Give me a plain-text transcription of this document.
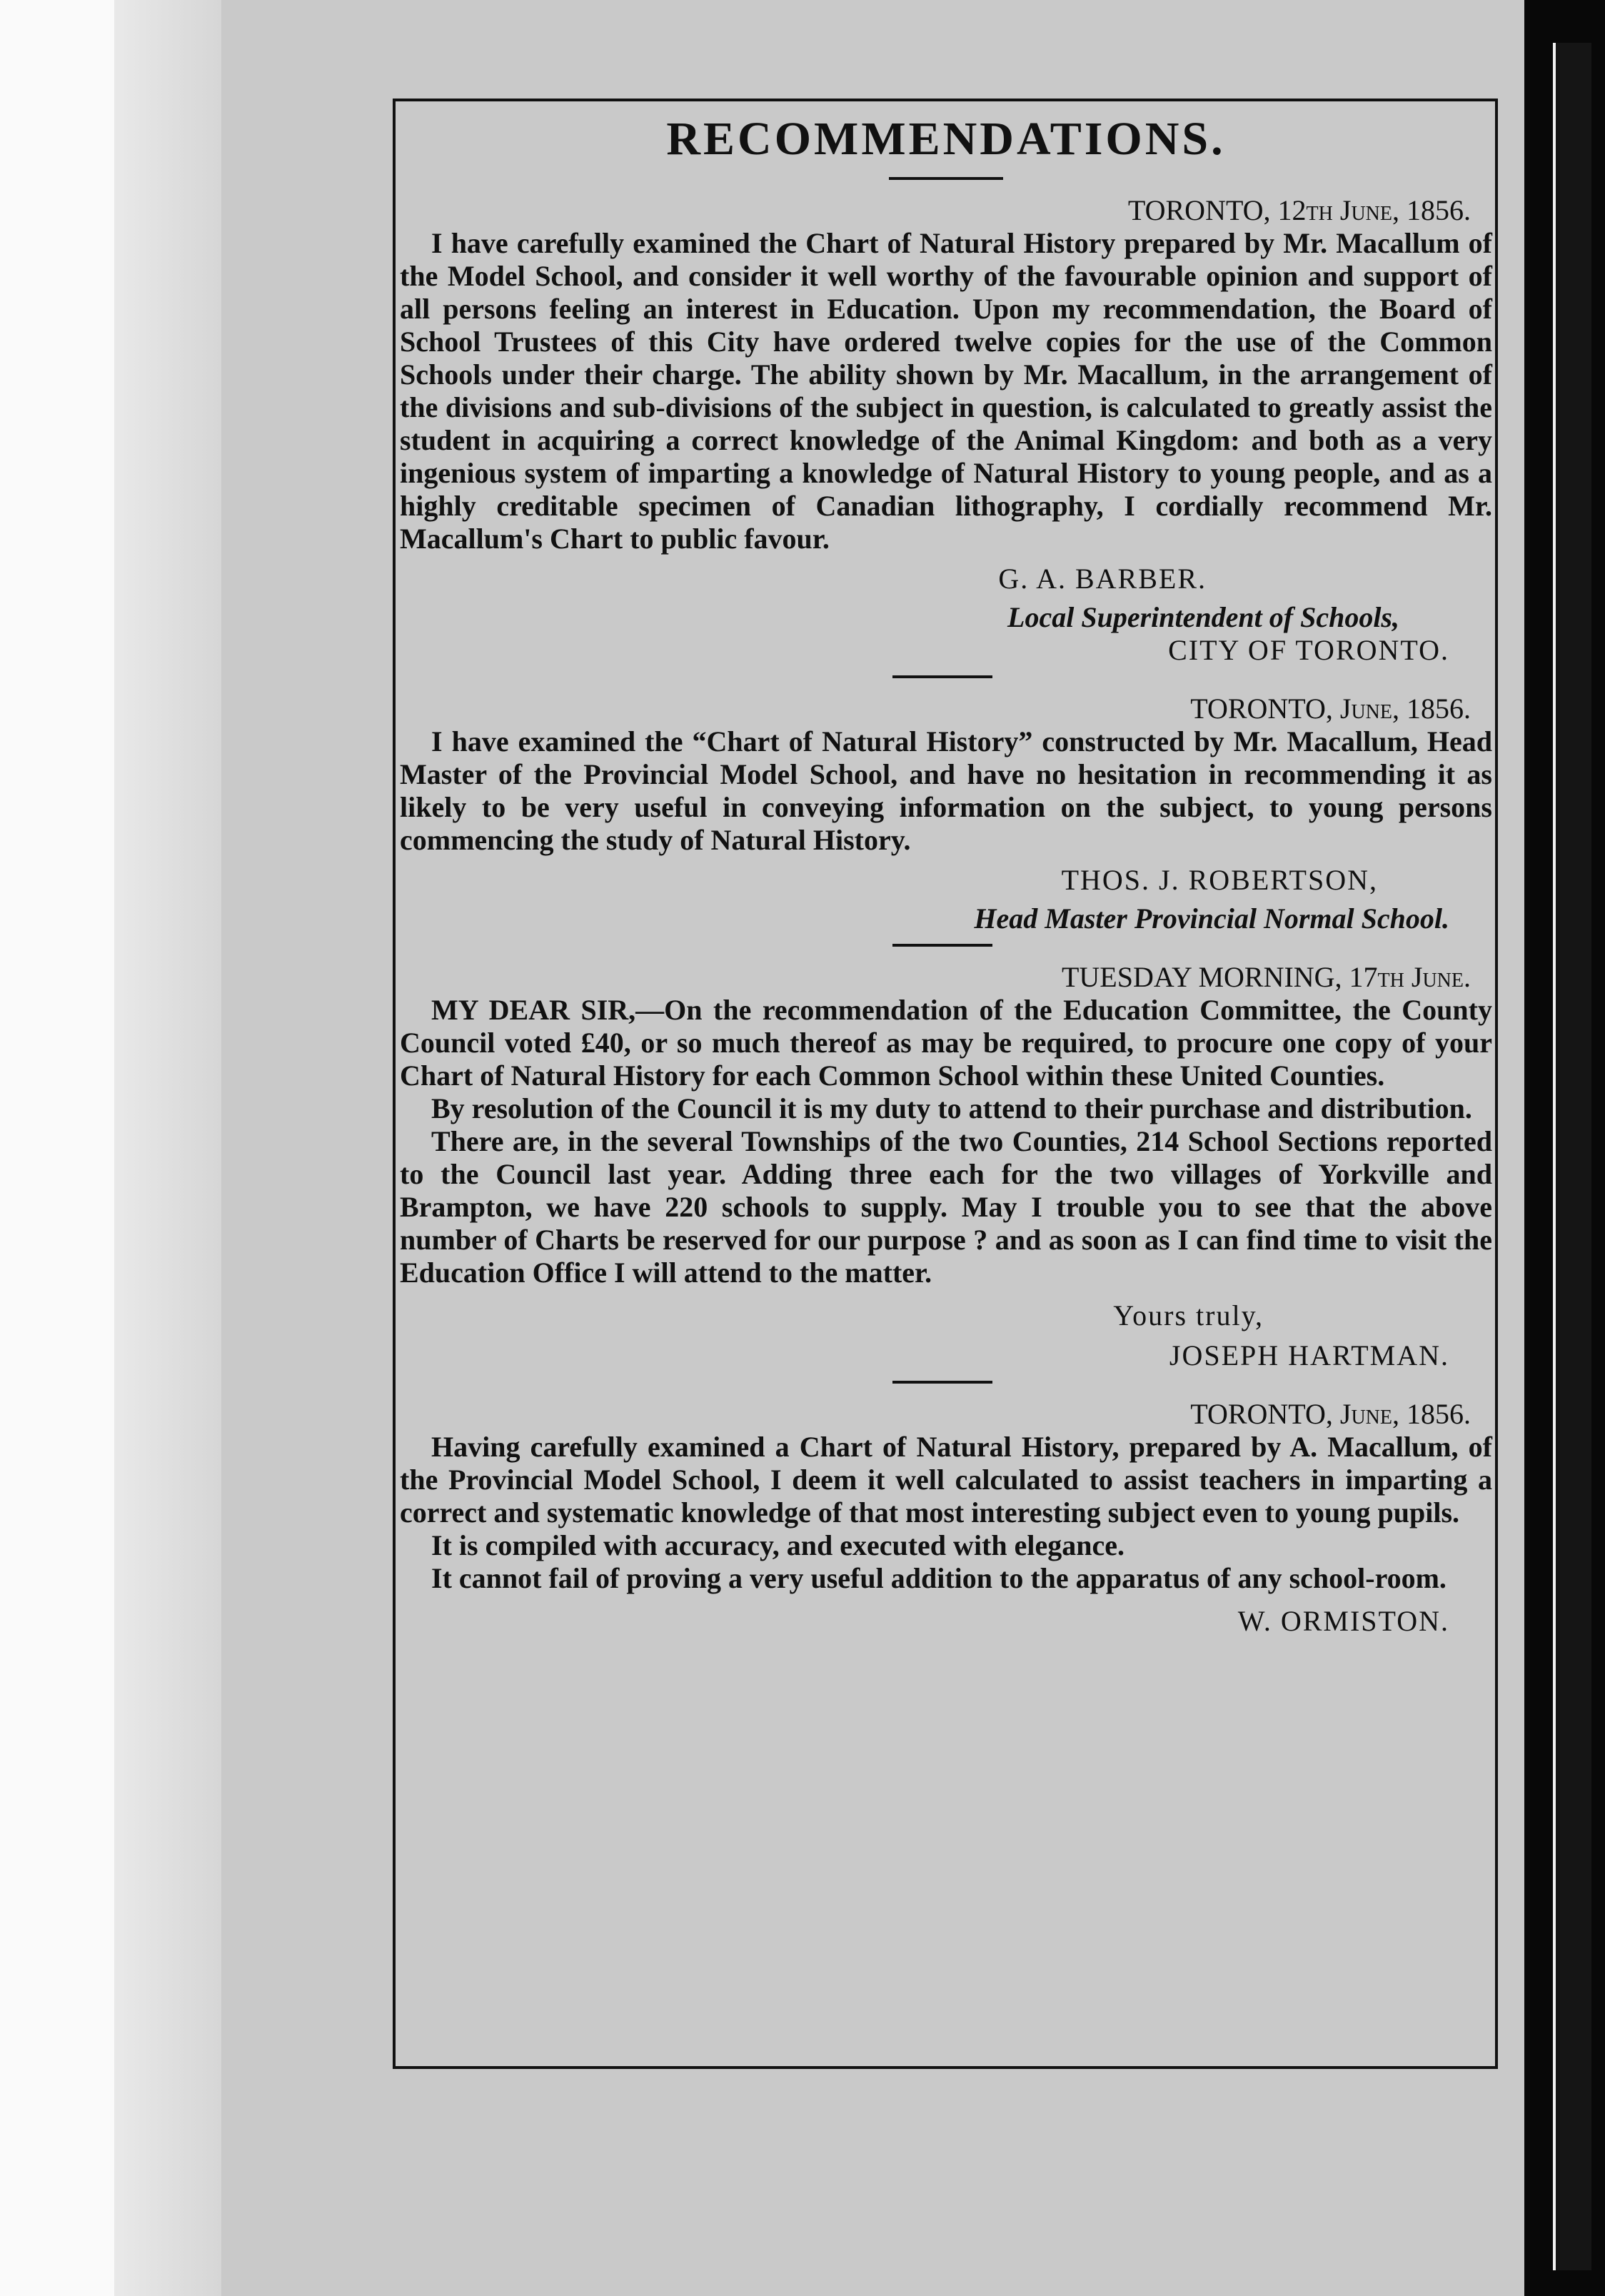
RECOMMENDATIONS.

TORONTO, 12th June, 1856.

I have carefully examined the Chart of Natural History prepared by Mr. Macallum of the Model School, and consider it well worthy of the favourable opinion and support of all persons feeling an interest in Education. Upon my recommendation, the Board of School Trustees of this City have ordered twelve copies for the use of the Common Schools under their charge. The ability shown by Mr. Macallum, in the arrangement of the divisions and sub-divisions of the subject in question, is calculated to greatly assist the student in acquiring a correct knowledge of the Animal Kingdom: and both as a very ingenious system of imparting a knowledge of Natural History to young people, and as a highly creditable specimen of Canadian lithography, I cordially recommend Mr. Macallum's Chart to public favour.

G. A. BARBER.

Local Superintendent of Schools,

CITY OF TORONTO.

TORONTO, June, 1856.

I have examined the “Chart of Natural History” constructed by Mr. Macallum, Head Master of the Provincial Model School, and have no hesitation in recommending it as likely to be very useful in conveying information on the subject, to young persons commencing the study of Natural History.

THOS. J. ROBERTSON,

Head Master Provincial Normal School.

TUESDAY MORNING, 17th June.

MY DEAR SIR,—On the recommendation of the Education Committee, the County Council voted £40, or so much thereof as may be required, to procure one copy of your Chart of Natural History for each Common School within these United Counties.

By resolution of the Council it is my duty to attend to their purchase and distribution.

There are, in the several Townships of the two Counties, 214 School Sections reported to the Council last year. Adding three each for the two villages of Yorkville and Brampton, we have 220 schools to supply. May I trouble you to see that the above number of Charts be reserved for our purpose ? and as soon as I can find time to visit the Education Office I will attend to the matter.

Yours truly,

JOSEPH HARTMAN.

TORONTO, June, 1856.

Having carefully examined a Chart of Natural History, prepared by A. Macallum, of the Provincial Model School, I deem it well calculated to assist teachers in imparting a correct and systematic knowledge of that most interesting subject even to young pupils.

It is compiled with accuracy, and executed with elegance.

It cannot fail of proving a very useful addition to the apparatus of any school-room.

W. ORMISTON.
